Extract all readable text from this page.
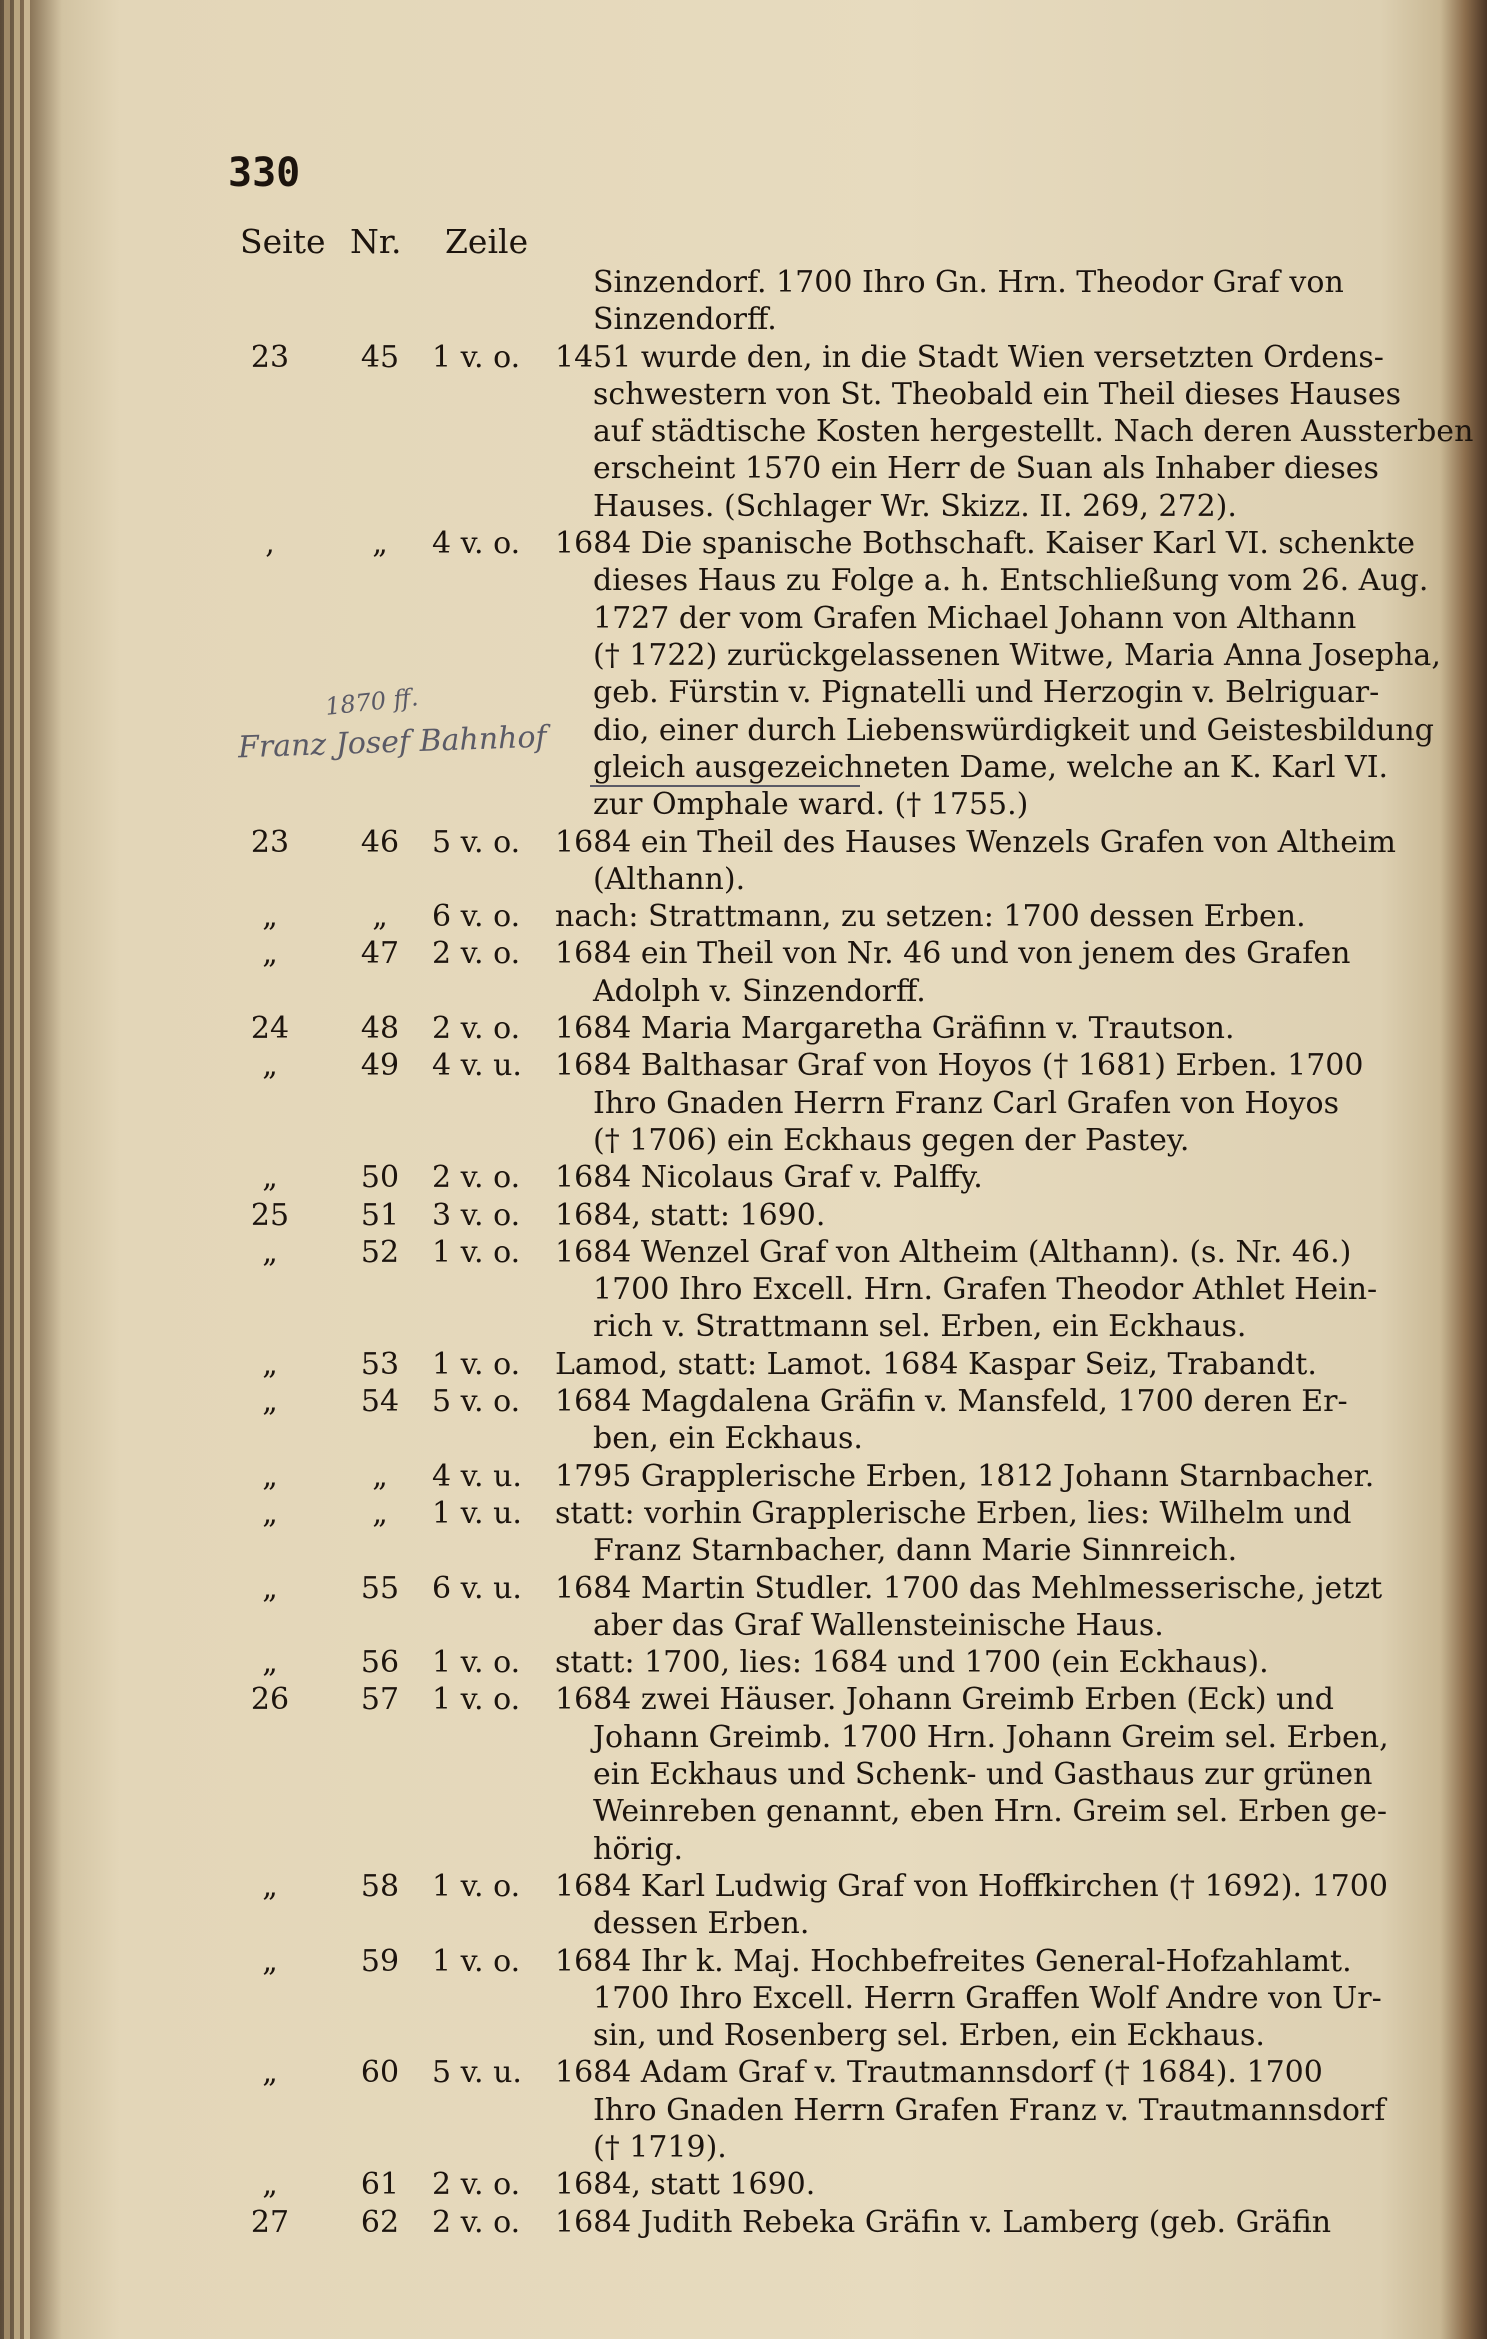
330
Seite Nr. Zeile
Sinzendorf. 1700 Ihro Gn. Hrn. Theodor Graf von
Sinzendorff.
23	45	1 v. o.	1451 wurde den, in die Stadt Wien versetzten Ordens-
schwestern von St. Theobald ein Theil dieses Hauses
auf städtische Kosten hergestellt. Nach deren Aussterben
erscheint 1570 ein Herr de Suan als Inhaber dieses
Hauses. (Schlager Wr. Skizz. II. 269, 272).
,	„	4 v. o.	1684 Die spanische Bothschaft. Kaiser Karl VI. schenkte
dieses Haus zu Folge a. h. Entschließung vom 26. Aug.
1727 der vom Grafen Michael Johann von Althann
(† 1722) zurückgelassenen Witwe, Maria Anna Josepha,
geb. Fürstin v. Pignatelli und Herzogin v. Belriguar-
dio, einer durch Liebenswürdigkeit und Geistesbildung
gleich ausgezeichneten Dame, welche an K. Karl VI.
zur Omphale ward. († 1755.)
23	46	5 v. o.	1684 ein Theil des Hauses Wenzels Grafen von Altheim
(Althann).
„	„	6 v. o.	nach: Strattmann, zu setzen: 1700 dessen Erben.
„	47	2 v. o.	1684 ein Theil von Nr. 46 und von jenem des Grafen
Adolph v. Sinzendorff.
24	48	2 v. o.	1684 Maria Margaretha Gräfinn v. Trautson.
„	49	4 v. u.	1684 Balthasar Graf von Hoyos († 1681) Erben. 1700
Ihro Gnaden Herrn Franz Carl Grafen von Hoyos
(† 1706) ein Eckhaus gegen der Pastey.
„	50	2 v. o.	1684 Nicolaus Graf v. Palffy.
25	51	3 v. o.	1684, statt: 1690.
„	52	1 v. o.	1684 Wenzel Graf von Altheim (Althann). (s. Nr. 46.)
1700 Ihro Excell. Hrn. Grafen Theodor Athlet Hein-
rich v. Strattmann sel. Erben, ein Eckhaus.
„	53	1 v. o.	Lamod, statt: Lamot. 1684 Kaspar Seiz, Trabandt.
„	54	5 v. o.	1684 Magdalena Gräfin v. Mansfeld, 1700 deren Er-
ben, ein Eckhaus.
„	„	4 v. u.	1795 Grapplerische Erben, 1812 Johann Starnbacher.
„	„	1 v. u.	statt: vorhin Grapplerische Erben, lies: Wilhelm und
Franz Starnbacher, dann Marie Sinnreich.
„	55	6 v. u.	1684 Martin Studler. 1700 das Mehlmesserische, jetzt
aber das Graf Wallensteinische Haus.
„	56	1 v. o.	statt: 1700, lies: 1684 und 1700 (ein Eckhaus).
26	57	1 v. o.	1684 zwei Häuser. Johann Greimb Erben (Eck) und
Johann Greimb. 1700 Hrn. Johann Greim sel. Erben,
ein Eckhaus und Schenk- und Gasthaus zur grünen
Weinreben genannt, eben Hrn. Greim sel. Erben ge-
hörig.
„	58	1 v. o.	1684 Karl Ludwig Graf von Hoffkirchen († 1692). 1700
dessen Erben.
„	59	1 v. o.	1684 Ihr k. Maj. Hochbefreites General-Hofzahlamt.
1700 Ihro Excell. Herrn Graffen Wolf Andre von Ur-
sin, und Rosenberg sel. Erben, ein Eckhaus.
„	60	5 v. u.	1684 Adam Graf v. Trautmannsdorf († 1684). 1700
Ihro Gnaden Herrn Grafen Franz v. Trautmannsdorf
(† 1719).
„	61	2 v. o.	1684, statt 1690.
27	62	2 v. o.	1684 Judith Rebeka Gräfin v. Lamberg (geb. Gräfin
1870 ff.
Franz Josef Bahnhof
